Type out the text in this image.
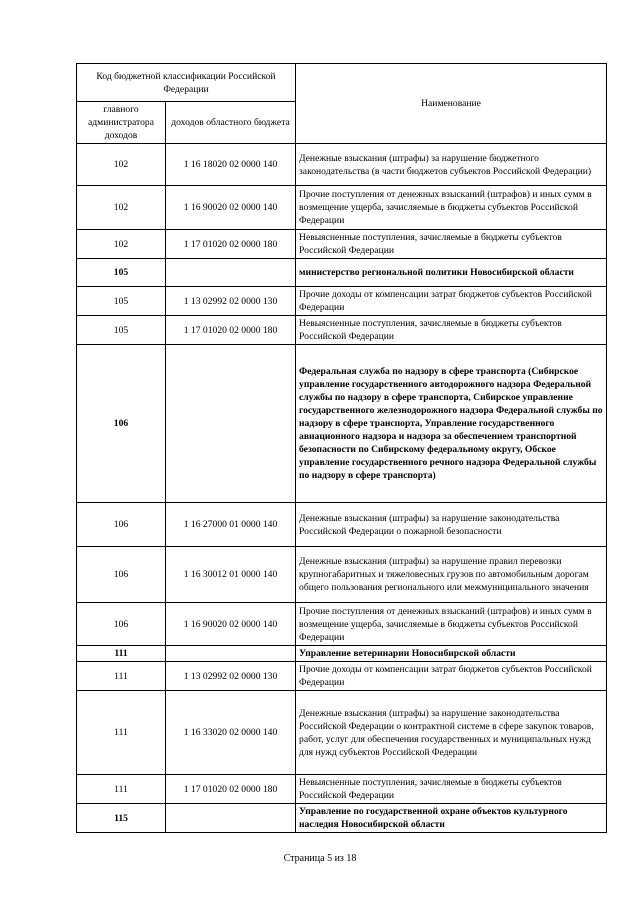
Код бюджетной классификации Российской Федерации		Наименование
главного администратора доходов	доходов областного бюджета	
102	1 16 18020 02 0000 140	Денежные взыскания (штрафы) за нарушение бюджетного законодательства (в части бюджетов субъектов Российской Федерации)
102	1 16 90020 02 0000 140	Прочие поступления от денежных взысканий (штрафов) и иных сумм в возмещение ущерба, зачисляемые в бюджеты субъектов Российской Федерации
102	1 17 01020 02 0000 180	Невыясненные поступления, зачисляемые в бюджеты субъектов Российской Федерации
105		министерство региональной политики Новосибирской области
105	1 13 02992 02 0000 130	Прочие доходы от компенсации затрат бюджетов субъектов Российской Федерации
105	1 17 01020 02 0000 180	Невыясненные поступления, зачисляемые в бюджеты субъектов Российской Федерации
106		Федеральная служба по надзору в сфере транспорта (Сибирское управление государственного автодорожного надзора Федеральной службы по надзору в сфере транспорта, Сибирское управление государственного железнодорожного надзора Федеральной службы по надзору в сфере транспорта, Управление государственного авиационного надзора и надзора за обеспечением транспортной безопасности по Сибирскому федеральному округу, Обское управление государственного речного надзора Федеральной службы по надзору в сфере транспорта)
106	1 16 27000 01 0000 140	Денежные взыскания (штрафы) за нарушение законодательства Российской Федерации о пожарной безопасности
106	1 16 30012 01 0000 140	Денежные взыскания (штрафы) за нарушение правил перевозки крупногабаритных и тяжеловесных грузов по автомобильным дорогам общего пользования регионального или межмуниципального значения
106	1 16 90020 02 0000 140	Прочие поступления от денежных взысканий (штрафов) и иных сумм в возмещение ущерба, зачисляемые в бюджеты субъектов Российской Федерации
111		Управление ветеринарии Новосибирской области
111	1 13 02992 02 0000 130	Прочие доходы от компенсации затрат бюджетов субъектов Российской Федерации
111	1 16 33020 02 0000 140	Денежные взыскания (штрафы) за нарушение законодательства Российской Федерации о контрактной системе в сфере закупок товаров, работ, услуг для обеспечения государственных и муниципальных нужд для нужд субъектов Российской Федерации
111	1 17 01020 02 0000 180	Невыясненные поступления, зачисляемые в бюджеты субъектов Российской Федерации
115		Управление по государственной охране объектов культурного наследия Новосибирской области
Страница 5 из 18
